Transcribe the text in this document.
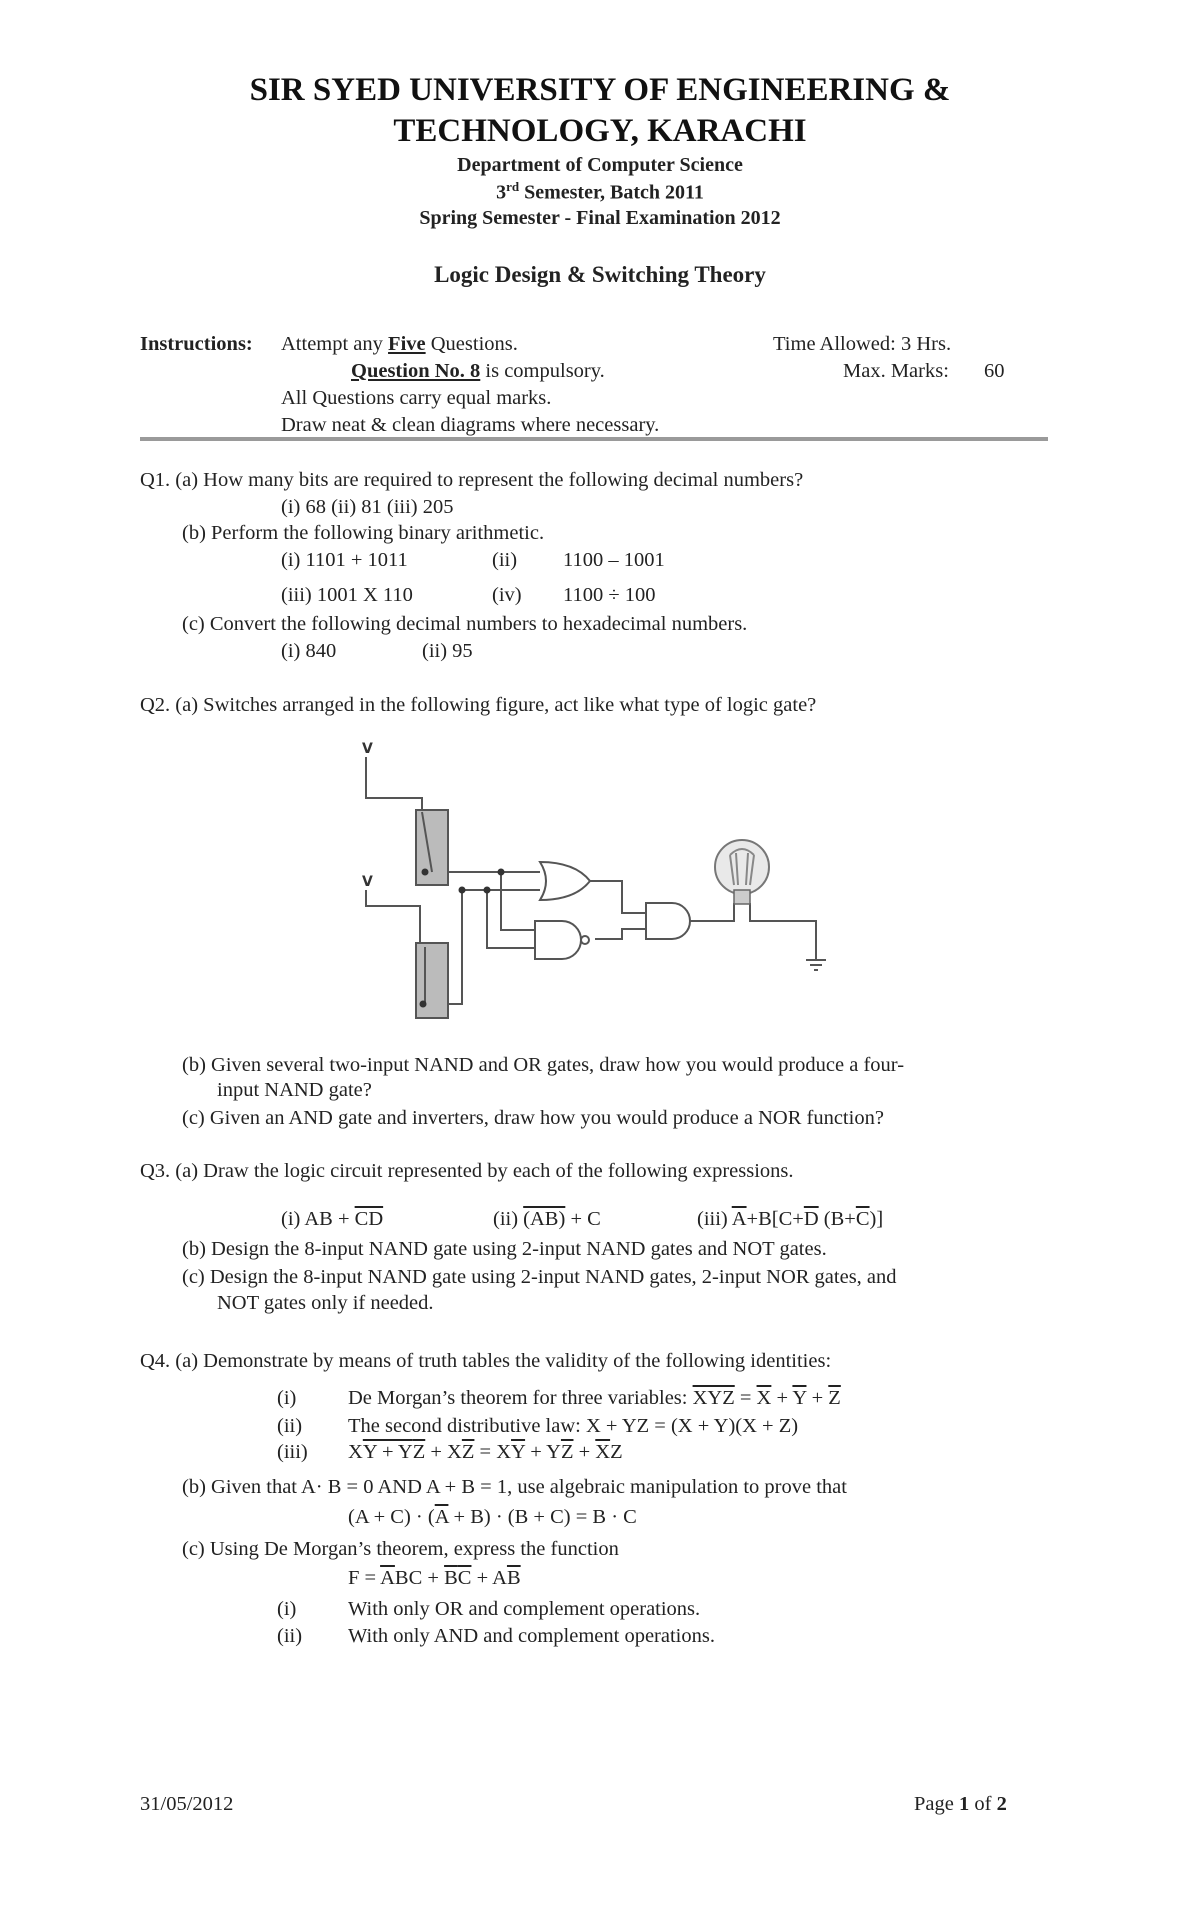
SIR SYED UNIVERSITY OF ENGINEERING &
TECHNOLOGY, KARACHI
Department of Computer Science
3rd Semester, Batch 2011
Spring Semester - Final Examination 2012
Logic Design & Switching Theory
Instructions: Attempt any Five Questions.
Question No. 8 is compulsory.
All Questions carry equal marks.
Draw neat & clean diagrams where necessary.
Time Allowed: 3 Hrs.
Max. Marks: 60
Q1. (a) How many bits are required to represent the following decimal numbers?
(i) 68 (ii) 81 (iii) 205
(b) Perform the following binary arithmetic.
(i) 1101 + 1011	(ii) 1100 – 1001
(iii) 1001 X 110	(iv) 1100 ÷ 100
(c) Convert the following decimal numbers to hexadecimal numbers.
(i) 840	(ii) 95
Q2. (a) Switches arranged in the following figure, act like what type of logic gate?
V
V
(b) Given several two-input NAND and OR gates, draw how you would produce a four-
input NAND gate?
(c) Given an AND gate and inverters, draw how you would produce a NOR function?
Q3. (a) Draw the logic circuit represented by each of the following expressions.
(i) AB + $\overline{CD}$	(ii) (AB) + C	(iii) $\overline{A}+B[C+\overline{D}$ $(B+\overline{C})$]
(b) Design the 8-input NAND gate using 2-input NAND gates and NOT gates.
(c) Design the 8-input NAND gate using 2-input NAND gates, 2-input NOR gates, and
NOT gates only if needed.
Q4. (a) Demonstrate by means of truth tables the validity of the following identities:
(i)	De Morgan’s theorem for three variables: $\overline{XYZ} = \overline{X} + \overline{Y} + \overline{Z}$
(ii) The second distributive law: X + YZ = (X + Y)(X + Z)
(iii) XY + $Y\overline{Z} + X\overline{Z} = X\overline{Y} + Y\overline{Z} + \overline{X}Z$
(b) Given that A· B = 0 AND A + B = 1, use algebraic manipulation to prove that
$(A + C) \cdot (\overline{A} + B) \cdot (B + C) = B \cdot C$
(c) Using De Morgan’s theorem, express the function
$F = \overline{A}BC + \overline{B}\overline{C} + A\overline{B}$
(i)	With only OR and complement operations.
(ii) With only AND and complement operations.
31/05/2012	Page 1 of 2
